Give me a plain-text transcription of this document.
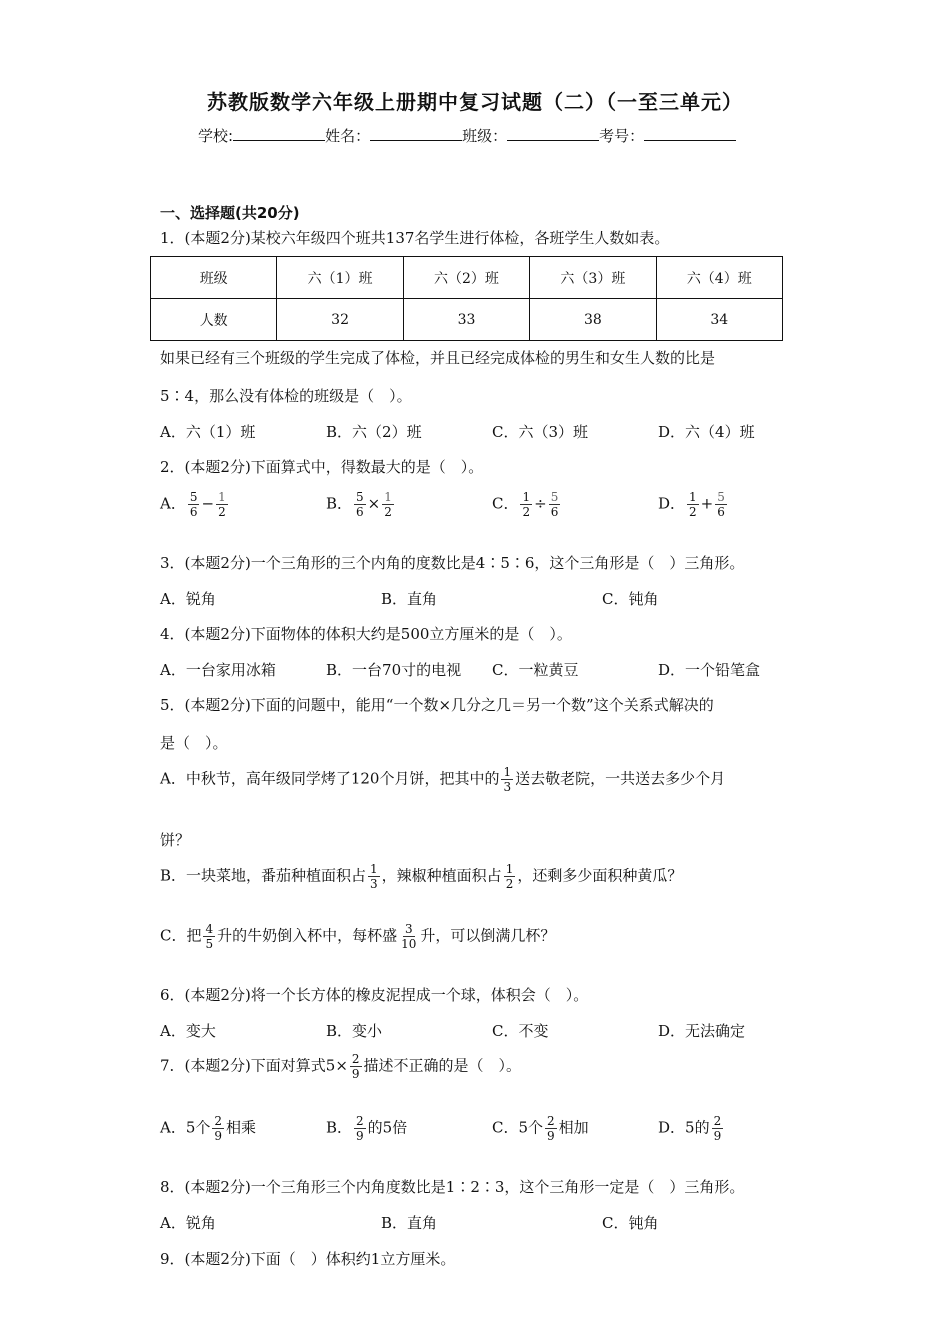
苏教版数学六年级上册期中复习试题（二）（一至三单元）
学校:	姓名：	班级：	考号：
一、选择题(共20分)
1．(本题2分)某校六年级四个班共137名学生进行体检，各班学生人数如表。
班级	六（1）班	六（2）班	六（3）班	六（4）班
人数	32	33	38	34
如果已经有三个班级的学生完成了体检，并且已经完成体检的男生和女生人数的比是
5∶4，那么没有体检的班级是（　）。
A．六（1）班	B．六（2）班	C．六（3）班	D．六（4）班
2．(本题2分)下面算式中，得数最大的是（　）。
A． $\frac{5}{6} - \frac{1}{2}$	B． $\frac{5}{6} \times \frac{1}{2}$	C． $\frac{1}{2} \div \frac{5}{6}$	D． $\frac{1}{2} + \frac{5}{6}$
3．(本题2分)一个三角形的三个内角的度数比是4∶5∶6，这个三角形是（　）三角形。
A．锐角	B．直角	C．钝角
4．(本题2分)下面物体的体积大约是500立方厘米的是（　）。
A．一台家用冰箱	B．一台70寸的电视 C．一粒黄豆	D．一个铅笔盒
5．(本题2分)下面的问题中，能用“一个数×几分之几＝另一个数”这个关系式解决的
是（　）。
A．中秋节，高年级同学烤了120个月饼，把其中的 $\frac{1}{3}$ 送去敬老院，一共送去多少个月
饼？
B．一块菜地，番茄种植面积占 $\frac{1}{3}$ ，辣椒种植面积占 $\frac{1}{2}$ ，还剩多少面积种黄瓜？
C．把 $\frac{4}{5}$ 升的牛奶倒入杯中，每杯盛 $\frac{3}{10}$ 升，可以倒满几杯？
6．(本题2分)将一个长方体的橡皮泥捏成一个球，体积会（　）。
A．变大	B．变小	C．不变	D．无法确定
7．(本题2分)下面对算式$5\times \frac{2}{9}$ 描述不正确的是（　）。
A．5个 $\frac{2}{9}$ 相乘	B． $\frac{2}{9}$ 的5倍	C．5个 $\frac{2}{9}$ 相加	D．5的 $\frac{2}{9}$
8．(本题2分)一个三角形三个内角度数比是1∶2∶3，这个三角形一定是（　）三角形。
A．锐角	B．直角	C．钝角
9．(本题2分)下面（　）体积约1立方厘米。
